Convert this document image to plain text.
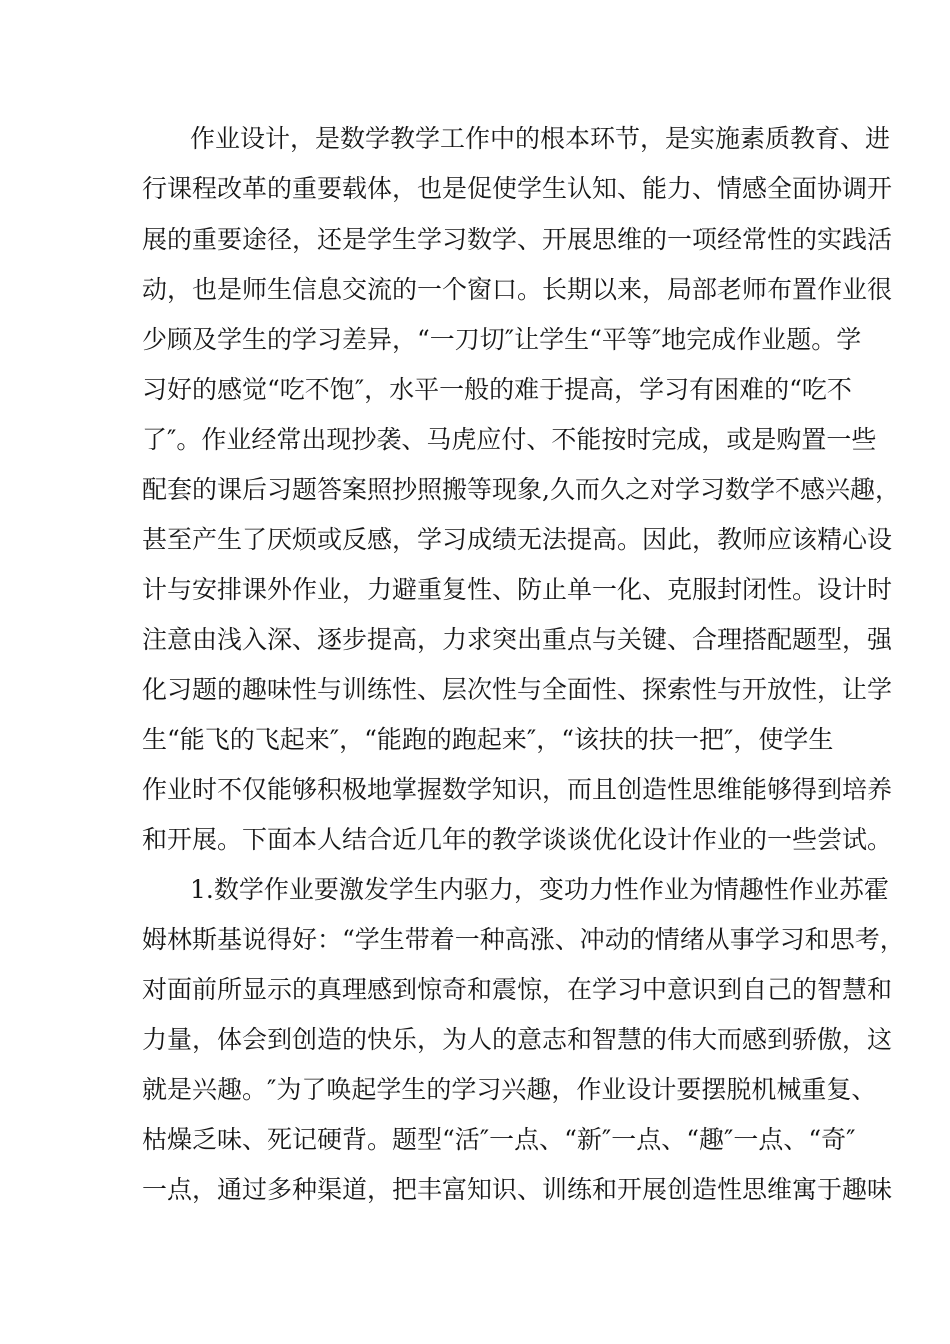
作业设计，是数学教学工作中的根本环节，是实施素质教育、进
行课程改革的重要载体，也是促使学生认知、能力、情感全面协调开
展的重要途径，还是学生学习数学、开展思维的一项经常性的实践活
动，也是师生信息交流的一个窗口。长期以来，局部老师布置作业很
少顾及学生的学习差异，“一刀切″让学生“平等″地完成作业题。学
习好的感觉“吃不饱″，水平一般的难于提高，学习有困难的“吃不
了″。作业经常出现抄袭、马虎应付、不能按时完成，或是购置一些
配套的课后习题答案照抄照搬等现象,久而久之对学习数学不感兴趣，
甚至产生了厌烦或反感，学习成绩无法提高。因此，教师应该精心设
计与安排课外作业，力避重复性、防止单一化、克服封闭性。设计时
注意由浅入深、逐步提高，力求突出重点与关键、合理搭配题型，强
化习题的趣味性与训练性、层次性与全面性、探索性与开放性，让学
生“能飞的飞起来″，“能跑的跑起来″，“该扶的扶一把″，使学生
作业时不仅能够积极地掌握数学知识，而且创造性思维能够得到培养
和开展。下面本人结合近几年的教学谈谈优化设计作业的一些尝试。
1.数学作业要激发学生内驱力，变功力性作业为情趣性作业苏霍
姆林斯基说得好：“学生带着一种高涨、冲动的情绪从事学习和思考，
对面前所显示的真理感到惊奇和震惊，在学习中意识到自己的智慧和
力量，体会到创造的快乐，为人的意志和智慧的伟大而感到骄傲，这
就是兴趣。″为了唤起学生的学习兴趣，作业设计要摆脱机械重复、
枯燥乏味、死记硬背。题型“活″一点、“新″一点、“趣″一点、“奇″
一点，通过多种渠道，把丰富知识、训练和开展创造性思维寓于趣味
